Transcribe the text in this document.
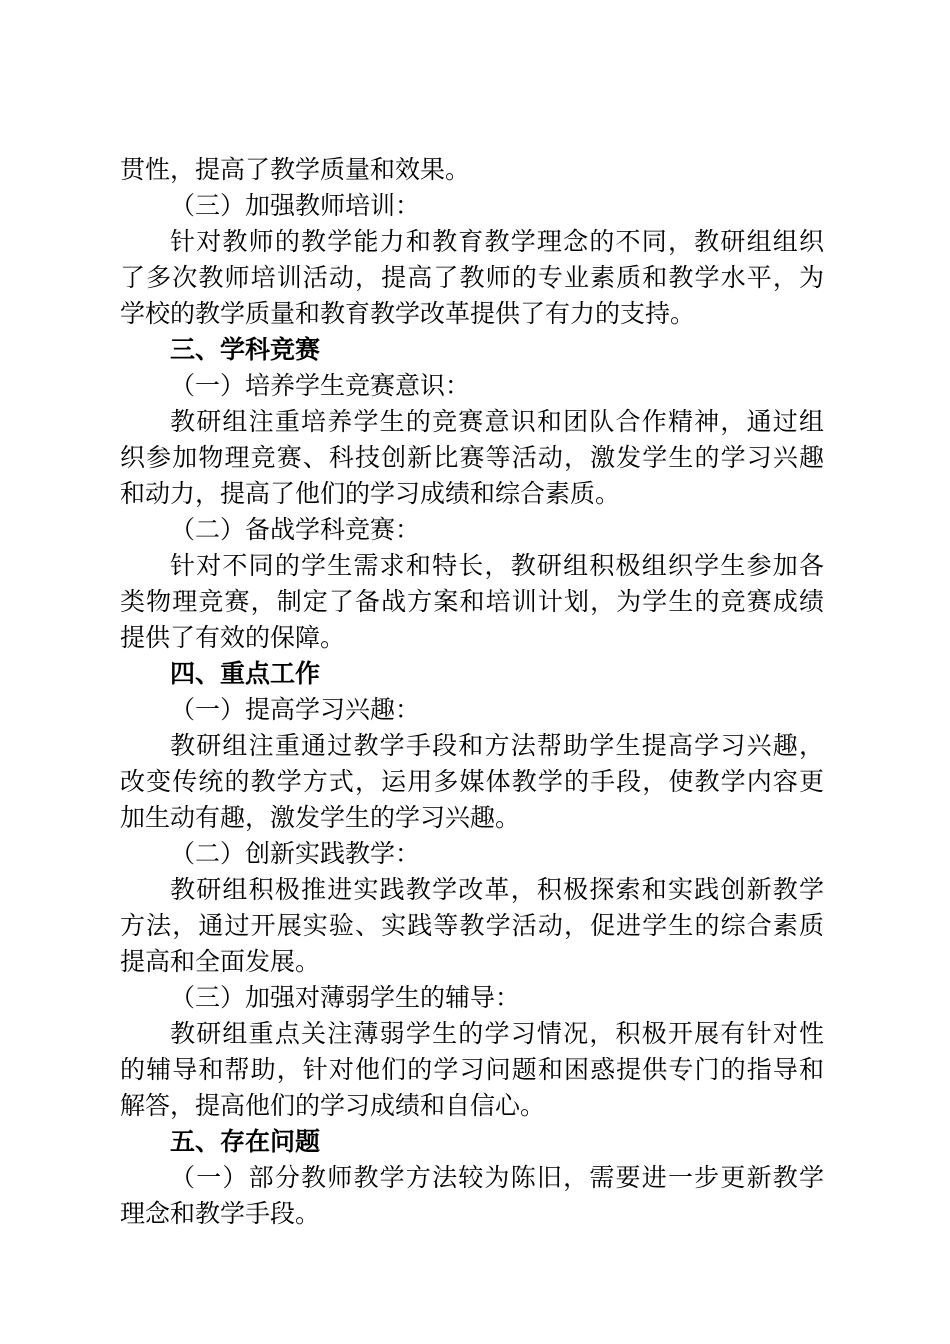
贯性，提高了教学质量和效果。
（三）加强教师培训：
针对教师的教学能力和教育教学理念的不同，教研组组织
了多次教师培训活动，提高了教师的专业素质和教学水平，为
学校的教学质量和教育教学改革提供了有力的支持。
三、学科竞赛
（一）培养学生竞赛意识：
教研组注重培养学生的竞赛意识和团队合作精神，通过组
织参加物理竞赛、科技创新比赛等活动，激发学生的学习兴趣
和动力，提高了他们的学习成绩和综合素质。
（二）备战学科竞赛：
针对不同的学生需求和特长，教研组积极组织学生参加各
类物理竞赛，制定了备战方案和培训计划，为学生的竞赛成绩
提供了有效的保障。
四、重点工作
（一）提高学习兴趣：
教研组注重通过教学手段和方法帮助学生提高学习兴趣，
改变传统的教学方式，运用多媒体教学的手段，使教学内容更
加生动有趣，激发学生的学习兴趣。
（二）创新实践教学：
教研组积极推进实践教学改革，积极探索和实践创新教学
方法，通过开展实验、实践等教学活动，促进学生的综合素质
提高和全面发展。
（三）加强对薄弱学生的辅导：
教研组重点关注薄弱学生的学习情况，积极开展有针对性
的辅导和帮助，针对他们的学习问题和困惑提供专门的指导和
解答，提高他们的学习成绩和自信心。
五、存在问题
（一）部分教师教学方法较为陈旧，需要进一步更新教学
理念和教学手段。
